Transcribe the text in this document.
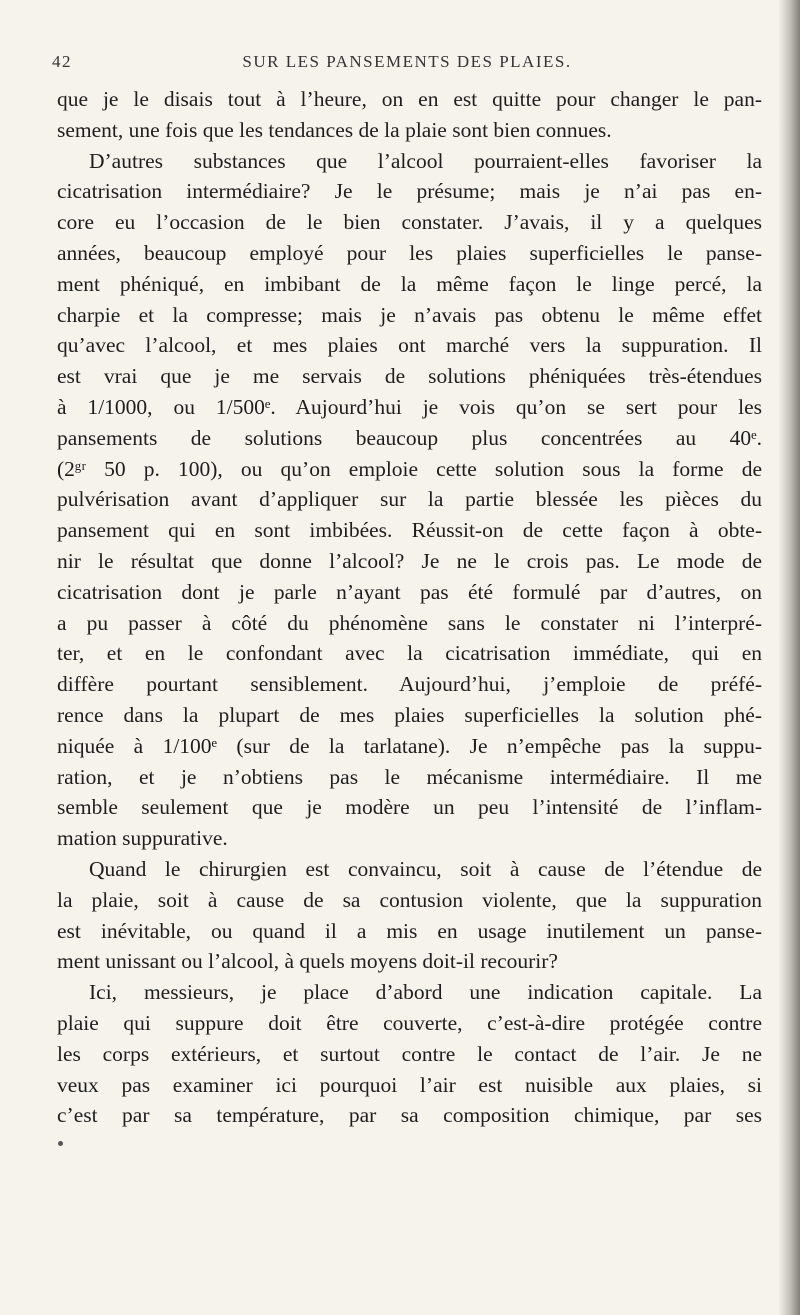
42	SUR LES PANSEMENTS DES PLAIES.
que je le disais tout à l’heure, on en est quitte pour changer le pan-
sement, une fois que les tendances de la plaie sont bien connues.
D’autres substances que l’alcool pourraient-elles favoriser la
cicatrisation intermédiaire? Je le présume; mais je n’ai pas en-
core eu l’occasion de le bien constater. J’avais, il y a quelques
années, beaucoup employé pour les plaies superficielles le panse-
ment phéniqué, en imbibant de la même façon le linge percé, la
charpie et la compresse; mais je n’avais pas obtenu le même effet
qu’avec l’alcool, et mes plaies ont marché vers la suppuration. Il
est vrai que je me servais de solutions phéniquées très-étendues
à 1/1000, ou 1/500ᵉ. Aujourd’hui je vois qu’on se sert pour les
pansements de solutions beaucoup plus concentrées au 40ᵉ.
(2ᵍʳ 50 p. 100), ou qu’on emploie cette solution sous la forme de
pulvérisation avant d’appliquer sur la partie blessée les pièces du
pansement qui en sont imbibées. Réussit-on de cette façon à obte-
nir le résultat que donne l’alcool? Je ne le crois pas. Le mode de
cicatrisation dont je parle n’ayant pas été formulé par d’autres, on
a pu passer à côté du phénomène sans le constater ni l’interpré-
ter, et en le confondant avec la cicatrisation immédiate, qui en
diffère pourtant sensiblement. Aujourd’hui, j’emploie de préfé-
rence dans la plupart de mes plaies superficielles la solution phé-
niquée à 1/100ᵉ (sur de la tarlatane). Je n’empêche pas la suppu-
ration, et je n’obtiens pas le mécanisme intermédiaire. Il me
semble seulement que je modère un peu l’intensité de l’inflam-
mation suppurative.
Quand le chirurgien est convaincu, soit à cause de l’étendue de
la plaie, soit à cause de sa contusion violente, que la suppuration
est inévitable, ou quand il a mis en usage inutilement un panse-
ment unissant ou l’alcool, à quels moyens doit-il recourir?
Ici, messieurs, je place d’abord une indication capitale. La
plaie qui suppure doit être couverte, c’est-à-dire protégée contre
les corps extérieurs, et surtout contre le contact de l’air. Je ne
veux pas examiner ici pourquoi l’air est nuisible aux plaies, si
c’est par sa température, par sa composition chimique, par ses
